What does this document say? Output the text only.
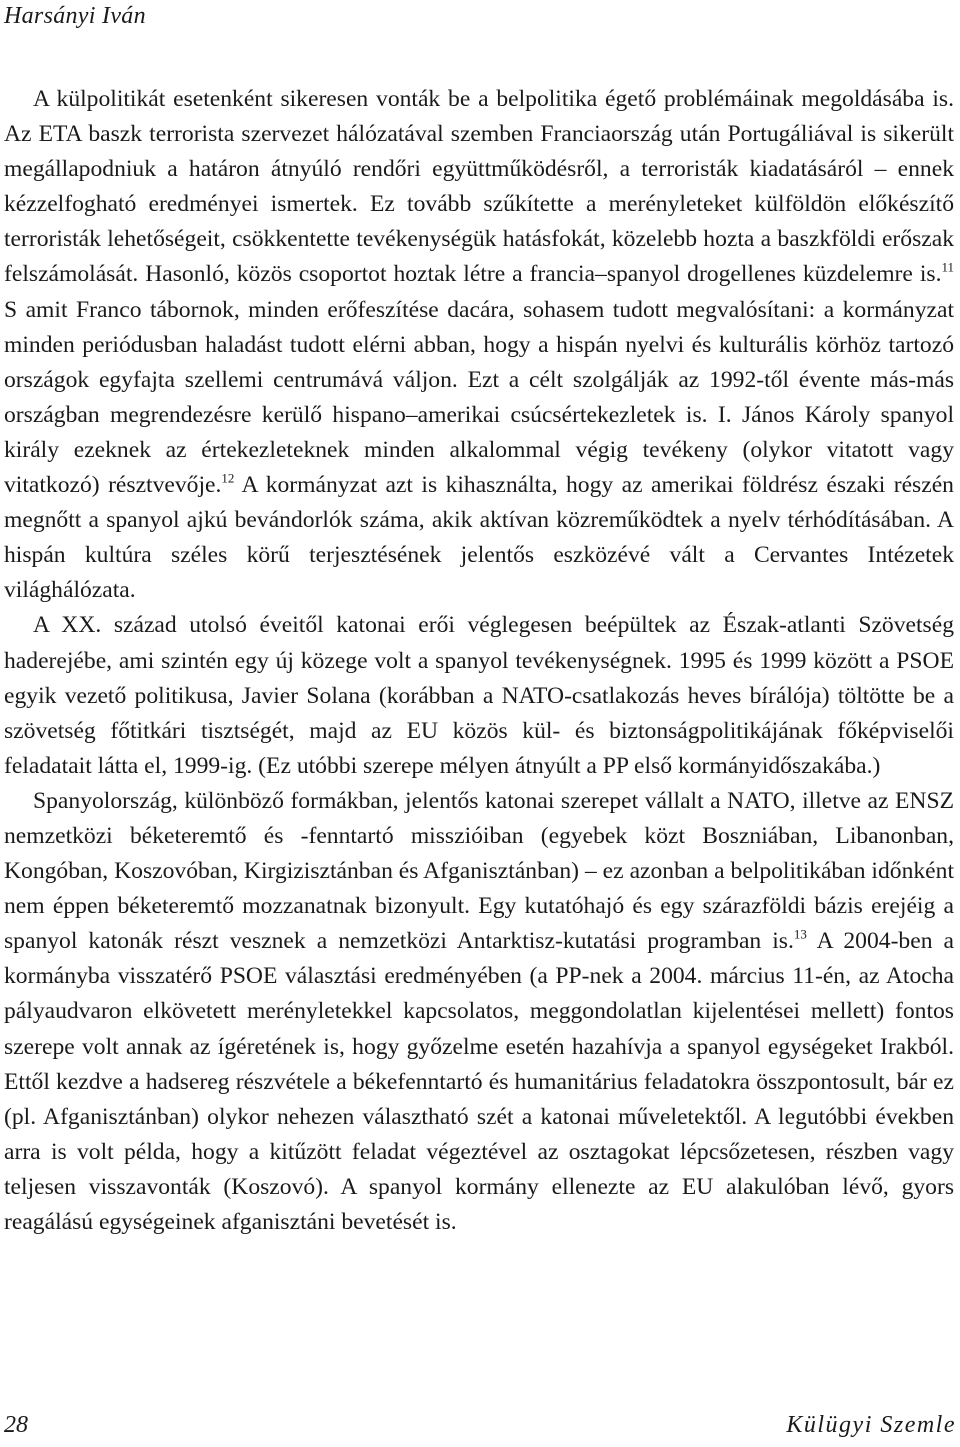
Harsányi Iván

A külpolitikát esetenként sikeresen vonták be a belpolitika égető problémáinak megoldásába is. Az ETA baszk terrorista szervezet hálózatával szemben Franciaország után Portugáliával is sikerült megállapodniuk a határon átnyúló rendőri együttműködésről, a terroristák kiadatásáról – ennek kézzelfogható eredményei ismertek. Ez tovább szűkítette a merényleteket külföldön előkészítő terroristák lehetőségeit, csökkentette tevékenységük hatásfokát, közelebb hozta a baszkföldi erőszak felszámolását. Hasonló, közös csoportot hoztak létre a francia–spanyol drogellenes küzdelemre is.$^{11}$ S amit Franco tábornok, minden erőfeszítése dacára, sohasem tudott megvalósítani: a kormányzat minden periódusban haladást tudott elérni abban, hogy a hispán nyelvi és kulturális körhöz tartozó országok egyfajta szellemi centrumává váljon. Ezt a célt szolgálják az 1992-től évente más-más országban megrendezésre kerülő hispano–amerikai csúcsértekezletek is. I. János Károly spanyol király ezeknek az értekezleteknek minden alkalommal végig tevékeny (olykor vitatott vagy vitatkozó) résztvevője.$^{12}$ A kormányzat azt is kihasználta, hogy az amerikai földrész északi részén megnőtt a spanyol ajkú bevándorlók száma, akik aktívan közreműködtek a nyelv térhódításában. A hispán kultúra széles körű terjesztésének jelentős eszközévé vált a Cervantes Intézetek világhálózata.

A XX. század utolsó éveitől katonai erői véglegesen beépültek az Észak-atlanti Szövetség haderejébe, ami szintén egy új közege volt a spanyol tevékenységnek. 1995 és 1999 között a PSOE egyik vezető politikusa, Javier Solana (korábban a NATO-csatlakozás heves bírálója) töltötte be a szövetség főtitkári tisztségét, majd az EU közös kül- és biztonságpolitikájának főképviselői feladatait látta el, 1999-ig. (Ez utóbbi szerepe mélyen átnyúlt a PP első kormányidőszakába.)

Spanyolország, különböző formákban, jelentős katonai szerepet vállalt a NATO, illetve az ENSZ nemzetközi béketeremtő és -fenntartó misszióiban (egyebek közt Boszniában, Libanonban, Kongóban, Koszovóban, Kirgizisztánban és Afganisztánban) – ez azonban a belpolitikában időnként nem éppen béketeremtő mozzanatnak bizonyult. Egy kutatóhajó és egy szárazföldi bázis erejéig a spanyol katonák részt vesznek a nemzetközi Antarktisz-kutatási programban is.$^{13}$ A 2004-ben a kormányba visszatérő PSOE választási eredményében (a PP-nek a 2004. március 11-én, az Atocha pályaudvaron elkövetett merényletekkel kapcsolatos, meggondolatlan kijelentései mellett) fontos szerepe volt annak az ígéretének is, hogy győzelme esetén hazahívja a spanyol egységeket Irakból. Ettől kezdve a hadsereg részvétele a békefenntartó és humanitárius feladatokra összpontosult, bár ez (pl. Afganisztánban) olykor nehezen választható szét a katonai műveletektől. A legutóbbi években arra is volt példa, hogy a kitűzött feladat végeztével az osztagokat lépcsőzetesen, részben vagy teljesen visszavonták (Koszovó). A spanyol kormány ellenezte az EU alakulóban lévő, gyors reagálású egységeinek afganisztáni bevetését is.

28	Külügyi Szemle
